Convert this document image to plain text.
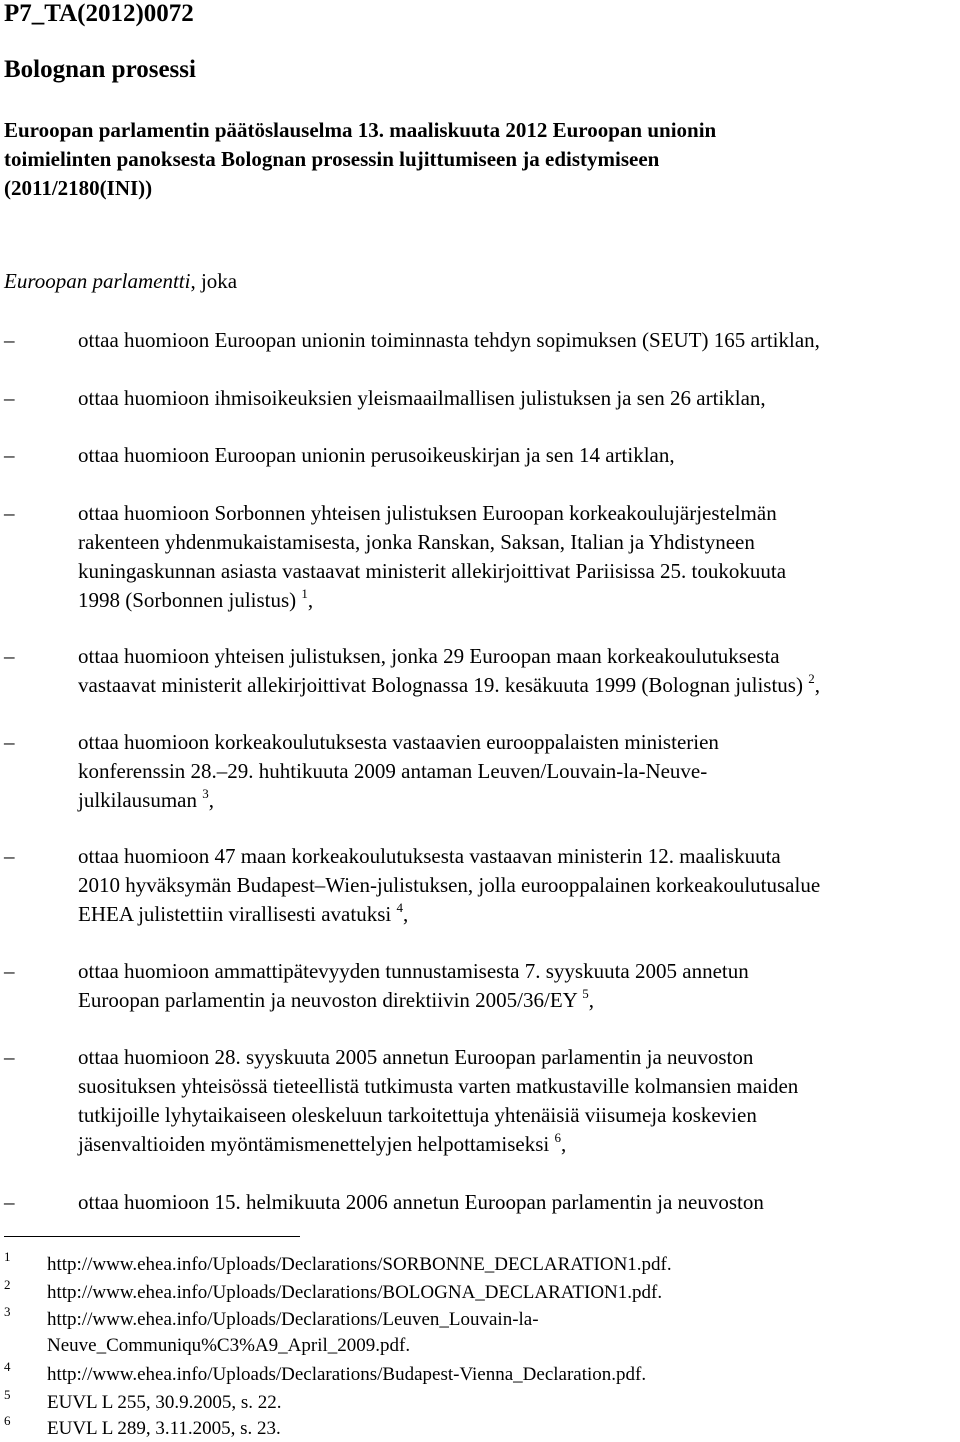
P7_TA(2012)0072
Bolognan prosessi
Euroopan parlamentin päätöslauselma 13. maaliskuuta 2012 Euroopan unionin
toimielinten panoksesta Bolognan prosessin lujittumiseen ja edistymiseen
(2011/2180(INI))
Euroopan parlamentti, joka
–	ottaa huomioon Euroopan unionin toiminnasta tehdyn sopimuksen (SEUT) 165 artiklan,
–	ottaa huomioon ihmisoikeuksien yleismaailmallisen julistuksen ja sen 26 artiklan,
–	ottaa huomioon Euroopan unionin perusoikeuskirjan ja sen 14 artiklan,
–	ottaa huomioon Sorbonnen yhteisen julistuksen Euroopan korkeakoulujärjestelmän
rakenteen yhdenmukaistamisesta, jonka Ranskan, Saksan, Italian ja Yhdistyneen
kuningaskunnan asiasta vastaavat ministerit allekirjoittivat Pariisissa 25. toukokuuta
1998 (Sorbonnen julistus) $^1$,
–	ottaa huomioon yhteisen julistuksen, jonka 29 Euroopan maan korkeakoulutuksesta
vastaavat ministerit allekirjoittivat Bolognassa 19. kesäkuuta 1999 (Bolognan julistus) $^2$,
–	ottaa huomioon korkeakoulutuksesta vastaavien eurooppalaisten ministerien
konferenssin 28.–29. huhtikuuta 2009 antaman Leuven/Louvain-la-Neuve-
julkilausuman $^3$,
–	ottaa huomioon 47 maan korkeakoulutuksesta vastaavan ministerin 12. maaliskuuta
2010 hyväksymän Budapest–Wien-julistuksen, jolla eurooppalainen korkeakoulutusalue
EHEA julistettiin virallisesti avatuksi $^4$,
–	ottaa huomioon ammattipätevyyden tunnustamisesta 7. syyskuuta 2005 annetun
Euroopan parlamentin ja neuvoston direktiivin 2005/36/EY $^5$,
–	ottaa huomioon 28. syyskuuta 2005 annetun Euroopan parlamentin ja neuvoston
suosituksen yhteisössä tieteellistä tutkimusta varten matkustaville kolmansien maiden
tutkijoille lyhytaikaiseen oleskeluun tarkoitettuja yhtenäisiä viisumeja koskevien
jäsenvaltioiden myöntämismenettelyjen helpottamiseksi $^6$,
–	ottaa huomioon 15. helmikuuta 2006 annetun Euroopan parlamentin ja neuvoston
1 http://www.ehea.info/Uploads/Declarations/SORBONNE_DECLARATION1.pdf.
2 http://www.ehea.info/Uploads/Declarations/BOLOGNA_DECLARATION1.pdf.
3 http://www.ehea.info/Uploads/Declarations/Leuven_Louvain-la-
Neuve_Communiqu%C3%A9_April_2009.pdf.
4 http://www.ehea.info/Uploads/Declarations/Budapest-Vienna_Declaration.pdf.
5 EUVL L 255, 30.9.2005, s. 22.
6 EUVL L 289, 3.11.2005, s. 23.
